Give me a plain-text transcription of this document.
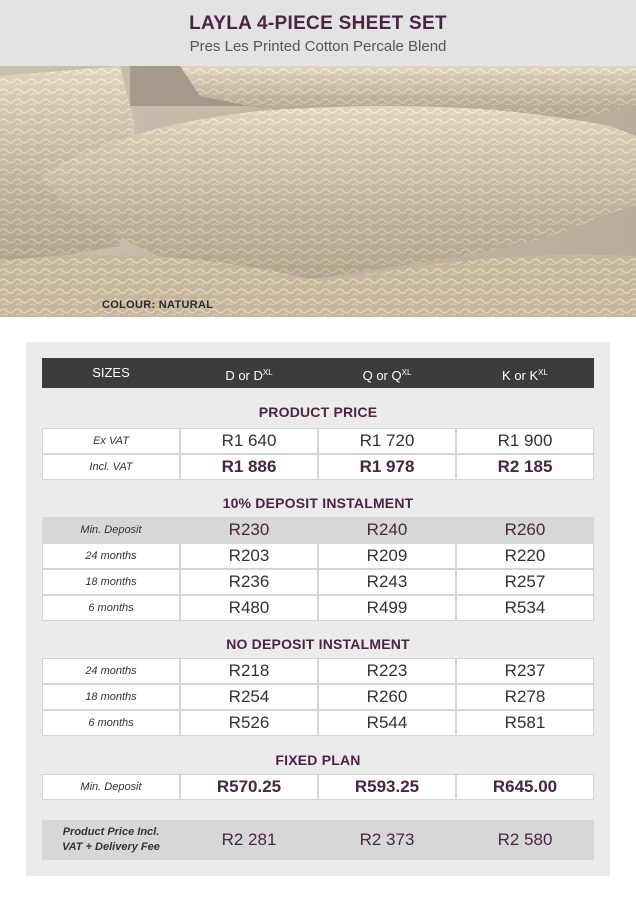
LAYLA 4-PIECE SHEET SET
Pres Les Printed Cotton Percale Blend
COLOUR: NATURAL
SIZES	D or $D^{XL}$	Q or $Q^{XL}$	K or $K^{XL}$
PRODUCT PRICE
Ex VAT	R1 640	R1 720	R1 900
Incl. VAT	R1 886	R1 978	R2 185
10% DEPOSIT INSTALMENT
Min. Deposit	R230	R240	R260
24 months	R203	R209	R220
18 months	R236	R243	R257
6 months	R480	R499	R534
NO DEPOSIT INSTALMENT
24 months	R218	R223	R237
18 months	R254	R260	R278
6 months	R526	R544	R581
FIXED PLAN
Min. Deposit	R570.25	R593.25	R645.00
Product Price Incl.
VAT + Delivery Fee	R2 281	R2 373	R2 580
